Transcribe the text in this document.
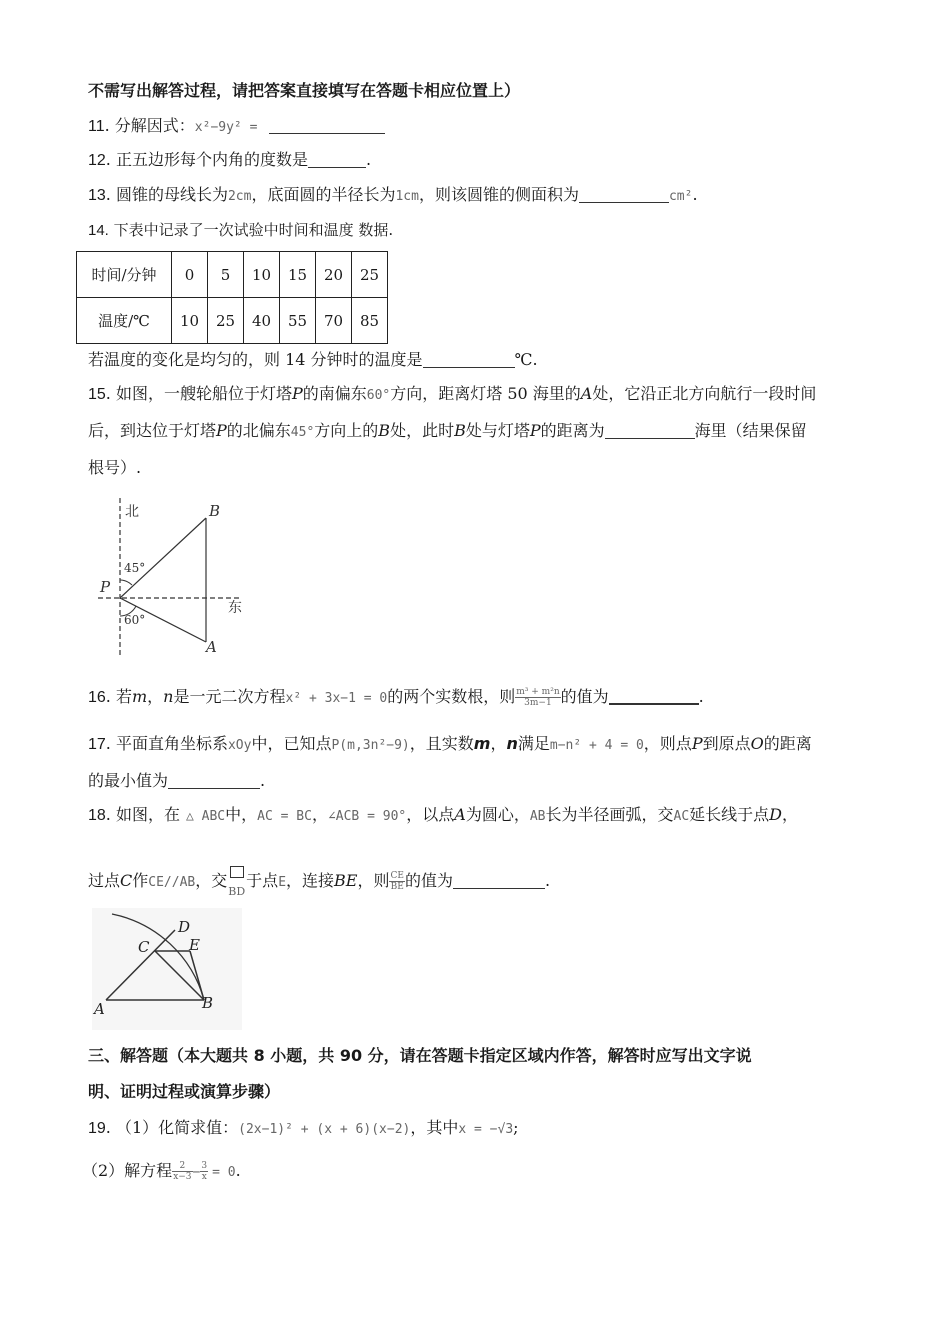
不需写出解答过程，请把答案直接填写在答题卡相应位置上）
11. 分解因式：x²−9y² =
12. 正五边形每个内角的度数是	.
13. 圆锥的母线长为2cm，底面圆的半径长为1cm，则该圆锥的侧面积为	cm².
14. 下表中记录了一次试验中时间和温度 数据.
时间/分钟	0	5	10	15	20	25
温度/℃	10	25	40	55	70	85
若温度的变化是均匀的，则 14 分钟时的温度是	℃.
15. 如图，一艘轮船位于灯塔P的南偏东60°方向，距离灯塔 50 海里的A处，它沿正北方向航行一段时间
后，到达位于灯塔P的北偏东45°方向上的B处，此时B处与灯塔P的距离为	海里（结果保留
根号）.
北
东
B
P
A
45°
60°
16. 若m，n是一元二次方程x² + 3x−1 = 0的两个实数根，则 $\frac{\text{m³ + m²n}}{3m-1}$ 的值为	.
17. 平面直角坐标系xOy中，已知点P(m,3n²−9)，且实数m，n满足m−n² + 4 = 0，则点P到原点O的距离
的最小值为	.
18. 如图，在 △ ABC中，AC = BC，∠ACB = 90°，以点A为圆心，AB长为半径画弧，交AC延长线于点D，
过点C作CE//AB，交
BD
于点E，连接BE，则 $\frac{CE}{BE}$ 的值为	.
D
C	E
A	B
三、解答题（本大题共 8 小题，共 90 分，请在答题卡指定区域内作答，解答时应写出文字说
明、证明过程或演算步骤）
19. （1）化简求值：(2x−1)² + (x + 6)(x−2)，其中x = −√3;
（2）解方程 $\frac{2}{x-3} - \frac{3}{x} = 0$.
